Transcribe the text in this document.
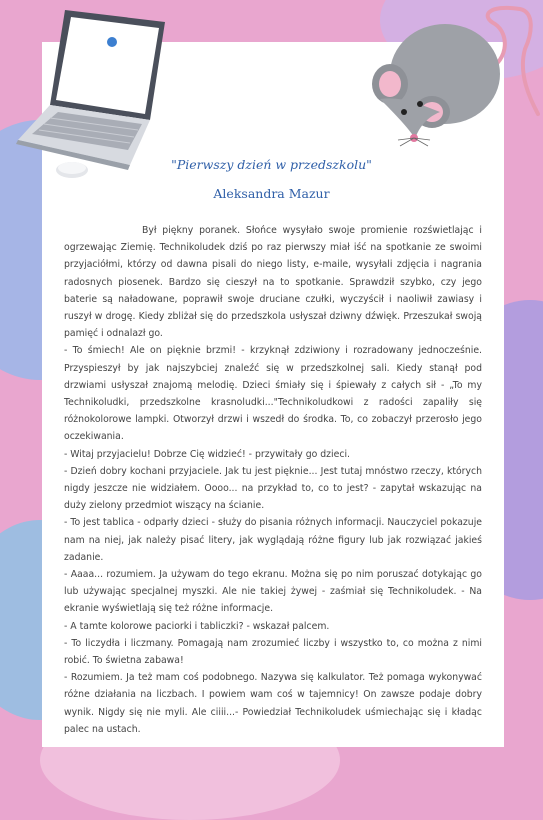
"Pierwszy dzień w przedszkolu"
Aleksandra Mazur

Był piękny poranek. Słońce wysyłało swoje promienie rozświetlając i ogrzewając Ziemię. Technikoludek dziś po raz pierwszy miał iść na spotkanie ze swoimi przyjaciółmi, którzy od dawna pisali do niego listy, e-maile, wysyłali zdjęcia i nagrania radosnych piosenek. Bardzo się cieszył na to spotkanie. Sprawdził szybko, czy jego baterie są naładowane, poprawił swoje druciane czułki, wyczyścił i naoliwił zawiasy i ruszył w drogę. Kiedy zbliżał się do przedszkola usłyszał dziwny dźwięk. Przeszukał swoją pamięć i odnalazł go.

- To śmiech! Ale on pięknie brzmi! - krzyknął zdziwiony i rozradowany jednocześnie. Przyspieszył by jak najszybciej znaleźć się w przedszkolnej sali. Kiedy stanął pod drzwiami usłyszał znajomą melodię. Dzieci śmiały się i śpiewały z całych sił - „To my Technikoludki, przedszkolne krasnoludki..."Technikoludkowi z radości zapaliły się różnokolorowe lampki. Otworzył drzwi i wszedł do środka. To, co zobaczył przerosło jego oczekiwania.

- Witaj przyjacielu! Dobrze Cię widzieć! - przywitały go dzieci.

- Dzień dobry kochani przyjaciele. Jak tu jest pięknie... Jest tutaj mnóstwo rzeczy, których nigdy jeszcze nie widziałem. Oooo... na przykład to, co to jest? - zapytał wskazując na duży zielony przedmiot wiszący na ścianie.

- To jest tablica - odparły dzieci - służy do pisania różnych informacji. Nauczyciel pokazuje nam na niej, jak należy pisać litery, jak wyglądają różne figury lub jak rozwiązać jakieś zadanie.

- Aaaa... rozumiem. Ja używam do tego ekranu. Można się po nim poruszać dotykając go lub używając specjalnej myszki. Ale nie takiej żywej - zaśmiał się Technikoludek. - Na ekranie wyświetlają się też różne informacje.

- A tamte kolorowe paciorki i tabliczki? - wskazał palcem.

- To liczydła i liczmany. Pomagają nam zrozumieć liczby i wszystko to, co można z nimi robić. To świetna zabawa!

- Rozumiem. Ja też mam coś podobnego. Nazywa się kalkulator. Też pomaga wykonywać różne działania na liczbach. I powiem wam coś w tajemnicy! On zawsze podaje dobry wynik. Nigdy się nie myli. Ale ciiii...- Powiedział Technikoludek uśmiechając się i kładąc palec na ustach.
